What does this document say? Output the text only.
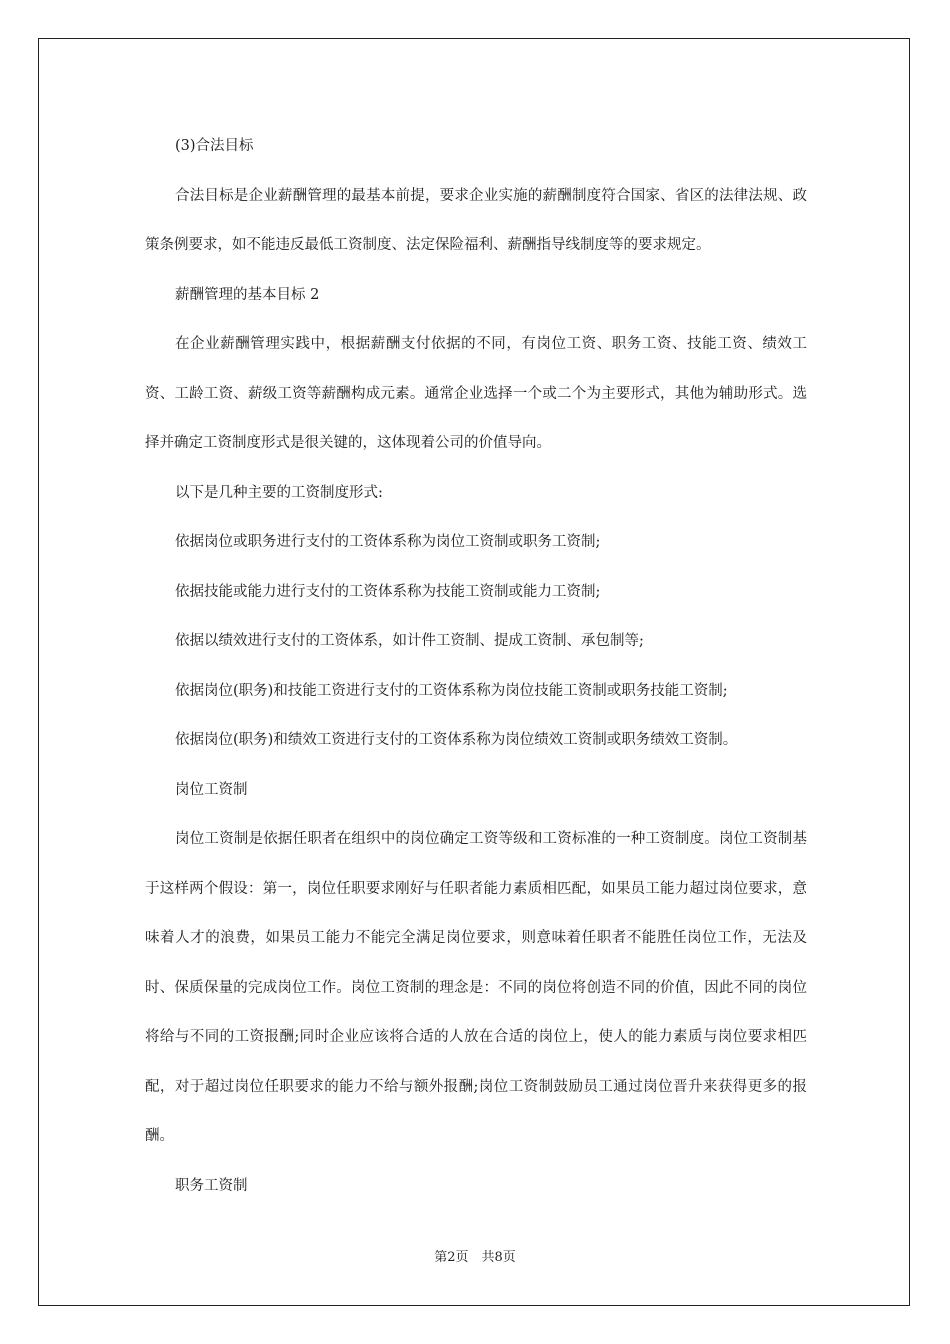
(3)合法目标

合法目标是企业薪酬管理的最基本前提，要求企业实施的薪酬制度符合国家、省区的法律法规、政策条例要求，如不能违反最低工资制度、法定保险福利、薪酬指导线制度等的要求规定。

薪酬管理的基本目标 2

在企业薪酬管理实践中，根据薪酬支付依据的不同，有岗位工资、职务工资、技能工资、绩效工资、工龄工资、薪级工资等薪酬构成元素。通常企业选择一个或二个为主要形式，其他为辅助形式。选择并确定工资制度形式是很关键的，这体现着公司的价值导向。

以下是几种主要的工资制度形式:

依据岗位或职务进行支付的工资体系称为岗位工资制或职务工资制;

依据技能或能力进行支付的工资体系称为技能工资制或能力工资制;

依据以绩效进行支付的工资体系，如计件工资制、提成工资制、承包制等;

依据岗位(职务)和技能工资进行支付的工资体系称为岗位技能工资制或职务技能工资制;

依据岗位(职务)和绩效工资进行支付的工资体系称为岗位绩效工资制或职务绩效工资制。

岗位工资制

岗位工资制是依据任职者在组织中的岗位确定工资等级和工资标准的一种工资制度。岗位工资制基于这样两个假设：第一，岗位任职要求刚好与任职者能力素质相匹配，如果员工能力超过岗位要求，意味着人才的浪费，如果员工能力不能完全满足岗位要求，则意味着任职者不能胜任岗位工作，无法及时、保质保量的完成岗位工作。岗位工资制的理念是：不同的岗位将创造不同的价值，因此不同的岗位将给与不同的工资报酬;同时企业应该将合适的人放在合适的岗位上，使人的能力素质与岗位要求相匹配，对于超过岗位任职要求的能力不给与额外报酬;岗位工资制鼓励员工通过岗位晋升来获得更多的报酬。

职务工资制

第2页　共8页
